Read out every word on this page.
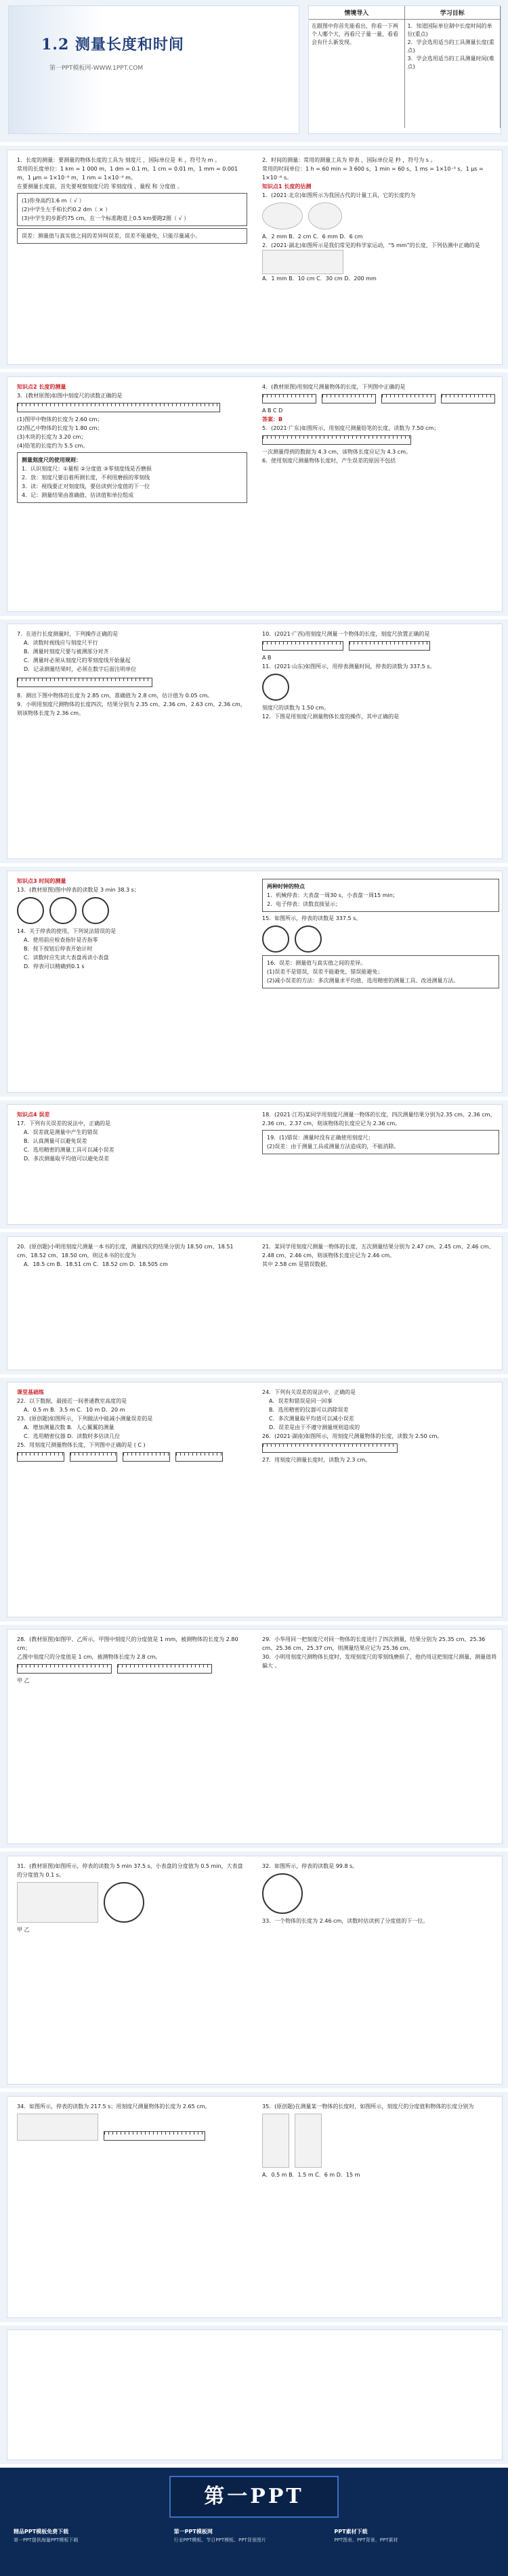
1.2 测量长度和时间
第一PPT模板网-WWW.1PPT.COM
情境导入	学习目标
在跟图中你首先能看出，你看一下两个人哪个大，再看尺子量一量，看看会有什么新发现。
1．知道国际单位制中长度时间的单位(重点)
2．学会选用适当的工具测量长度(重点)
3．学会选用适当的工具测量时间(难点)

1．长度的测量：要测量的物体长度的工具为 刻度尺 ，国际单位是 米 ，符号为 m 。

常用的长度单位：1 km = 1 000 m，1 dm = 0.1 m，1 cm = 0.01 m，1 mm = 0.001 m，1 μm = 1×10⁻⁶ m，1 nm = 1×10⁻⁹ m。

在要测量长度前，首先要观察刻度尺的 零刻度线 、量程 和 分度值 。

(1)你身高约1.6 m（ √ ）

(2)中学生左手柏长约0.2 dm（ × ）

(3)中学生的步距约75 cm，在一个标准跑道上0.5 km要跑2圈（ √ ）

误差：测量值与真实值之间的差异叫误差，误差不能避免，只能尽量减小。

2．时间的测量：常用的测量工具为 停表 ，国际单位是 秒 ，符号为 s 。

常用的时间单位：1 h = 60 min = 3 600 s，1 min = 60 s，1 ms = 1×10⁻³ s，1 μs = 1×10⁻⁶ s。

知识点1 长度的估测

1．(2021·北京)如图所示为我国古代的计量工具，它的长度约为

A．2 mm B．2 cm C．6 mm D．6 cm

2．(2021·湖北)如图所示是我们常见的科学家运动，“5 mm”的长度，下列估测中正确的是

A．1 mm B．10 cm C．30 cm D．200 mm

知识点2 长度的测量

3．(教材原图)如图中刻度尺的读数正确的是

(1)图甲中物体的长度为 2.60 cm；

(2)图乙中物体的长度为 1.80 cm；

(3)木块的长度为 3.20 cm；

(4)铅笔的长度约为 5.5 cm。

测量刻度尺的使用规则：

1．认识刻度尺：①量程 ②分度值 ③零刻度线是否磨损

2．放：刻度尺要沿着所测长度，不利用磨损的零刻线

3．读：视线要正对刻度线，要估读到分度值的下一位

4．记：测量结果由准确值、估读值和单位组成

4．(教材原图)用刻度尺测量物体的长度，下列图中正确的是

A B C D

答案：B

5．(2021·广东)如图所示，用刻度尺测量铅笔的长度，读数为 7.50 cm；

一次测量得到的数据为 4.3 cm，该物体长度应记为 4.3 cm。

6．使用刻度尺测量物体长度时，产生误差的原因不包括

7．在进行长度测量时，下列操作正确的是

A．读数时视线应与刻度尺平行

B．测量时刻度尺要与被测部分对齐

C．测量时必须从刻度尺的零刻度线开始量起

D．记录测量结果时，必须在数字后面注明单位

8．测出下图中物体的长度为 2.85 cm，准确值为 2.8 cm，估计值为 0.05 cm。

9．小明用刻度尺测物体的长度四次，结果分别为 2.35 cm、2.36 cm、2.63 cm、2.36 cm，则该物体长度为 2.36 cm。

10．(2021·广西)用刻度尺测量一个物体的长度，刻度尺放置正确的是

A B

11．(2021·山东)如图所示，用停表测量时间，停表的读数为 337.5 s。

刻度尺的读数为 1.50 cm。

12．下图是用刻度尺测量物体长度的操作，其中正确的是

知识点3 时间的测量

13．(教材原图)图中停表的读数是 3 min 38.3 s；

14．关于停表的使用，下列说法错误的是

A．使用前应检查指针是否指零

B．按下按钮后停表开始计时

C．读数时应先读大表盘再读小表盘

D．停表可以精确到0.1 s

两种时钟的特点

1．机械停表：大表盘一周30 s，小表盘一周15 min；

2．电子停表：读数直接显示；

15．如图所示，停表的读数是 337.5 s。

16．误差：测量值与真实值之间的差异。

(1)误差不是错误，误差不能避免，错误能避免；

(2)减小误差的方法：多次测量求平均值、选用精密的测量工具、改进测量方法。

知识点4 误差

17．下列有关误差的说法中，正确的是

A．误差就是测量中产生的错误

B．认真测量可以避免误差

C．选用精密的测量工具可以减小误差

D．多次测量取平均值可以避免误差

18．(2021·江苏)某同学用刻度尺测量一物体的长度，四次测量结果分别为2.35 cm、2.36 cm、2.36 cm、2.37 cm，则该物体的长度应记为 2.36 cm。

19．(1)错误：测量时没有正确使用刻度尺；

(2)误差：由于测量工具或测量方法造成的，不能消除。

20．(原创题)小明用刻度尺测量一本书的长度，测量四次的结果分别为 18.50 cm、18.51 cm、18.52 cm、18.50 cm，则这本书的长度为

A．18.5 cm B．18.51 cm C．18.52 cm D．18.505 cm

21．某同学用刻度尺测量一物体的长度，五次测量结果分别为 2.47 cm、2.45 cm、2.46 cm、2.48 cm、2.46 cm，则该物体长度应记为 2.46 cm。

其中 2.58 cm 是错误数据。

课堂基础练

22．以下数据，最接近一间普通教室高度的是

A．0.5 m B．3.5 m C．10 m D．20 m

23．(原创题)如图所示，下列做法中能减小测量误差的是

A．增加测量次数 B．人心翼翼的测量

C．选用精密仪器 D．读数时多估读几位

25．用刻度尺测量物体长度，下列图中正确的是 ( C )

24．下列有关误差的说法中，正确的是

A．误差和错误是同一回事

B．选用精密的仪器可以消除误差

C．多次测量取平均值可以减小误差

D．误差是由于不遵守测量规则造成的

26．(2021·湖南)如图所示，用刻度尺测量物体的长度，读数为 2.50 cm。

27．用刻度尺测量长度时，读数为 2.3 cm。

28．(教材原图)如图甲、乙所示，甲图中刻度尺的分度值是 1 mm，被测物体的长度为 2.80 cm；

乙图中刻度尺的分度值是 1 cm，被测物体长度为 2.8 cm。

甲 乙

29．小华用同一把刻度尺对同一物体的长度进行了四次测量，结果分别为 25.35 cm、25.36 cm、25.36 cm、25.37 cm，则测量结果应记为 25.36 cm。

30．小明用刻度尺测物体长度时，发现刻度尺的零刻线磨损了，他仍用这把刻度尺测量，测量值将 偏大 。

31．(教材原图)如图所示，停表的读数为 5 min 37.5 s，小表盘的分度值为 0.5 min，大表盘的分度值为 0.1 s。

甲 乙

32．如图所示，停表的读数是 99.8 s。

33．一个物体的长度为 2.46 cm，读数时估读到了分度值的下一位。

34．如图所示，停表的读数为 217.5 s；用刻度尺测量物体的长度为 2.65 cm。	35．(原创题)在测量某一物体的长度时，如图所示，刻度尺的分度值和物体的长度分别为

A．0.5 m B．1.5 m C．6 m D．15 m

第一PPT
精品PPT模板免费下载
第一PPT提供海量PPT模板下载
第一PPT模板网
行业PPT模板、节日PPT模板、PPT背景图片
PPT素材下载
PPT图表、PPT背景、PPT素材
